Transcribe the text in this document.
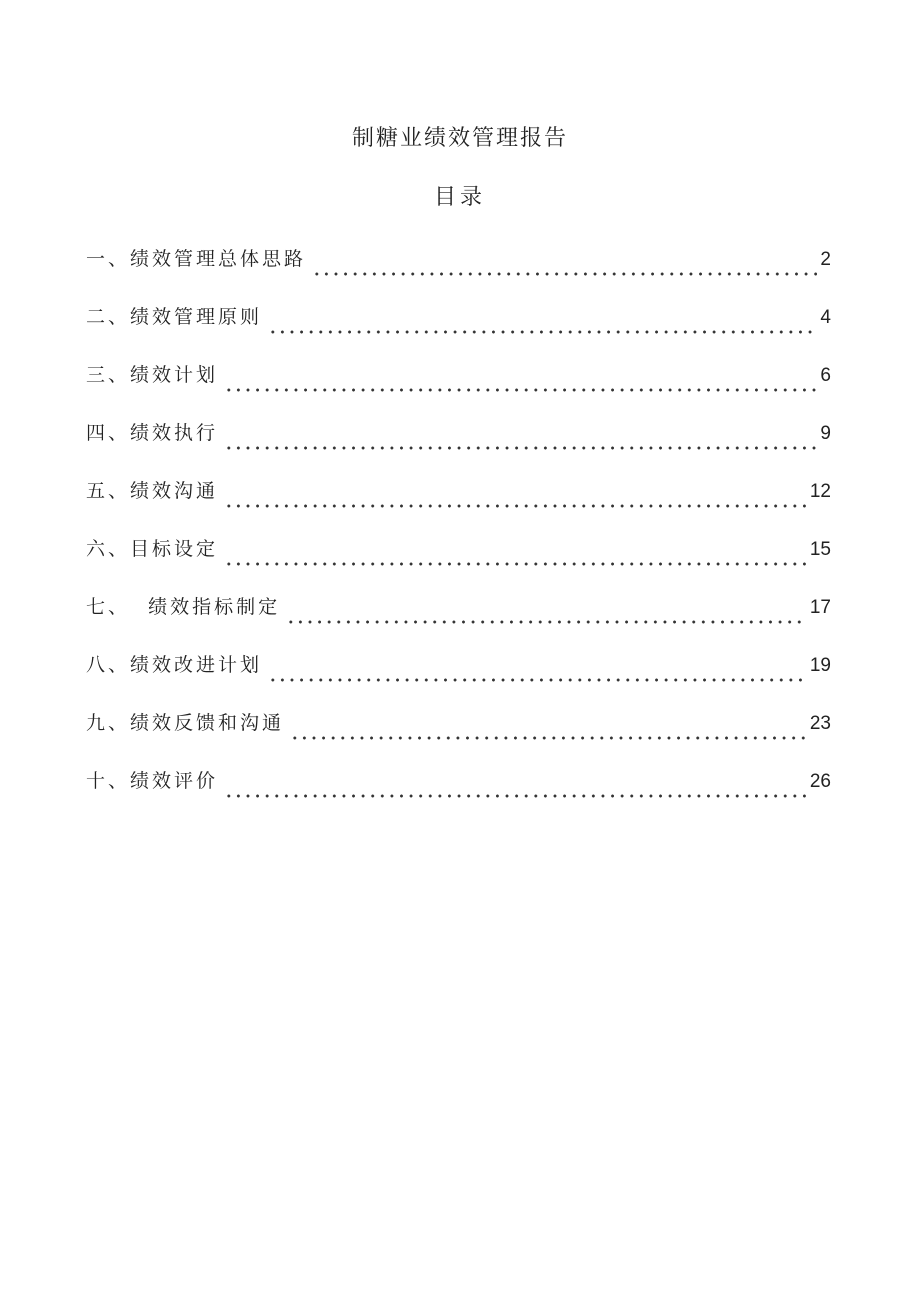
制糖业绩效管理报告
目录
一、绩效管理总体思路	2
二、绩效管理原则	4
三、绩效计划	6
四、绩效执行	9
五、绩效沟通	12
六、目标设定	15
七、  绩效指标制定	17
八、绩效改进计划	19
九、绩效反馈和沟通	23
十、绩效评价	26
